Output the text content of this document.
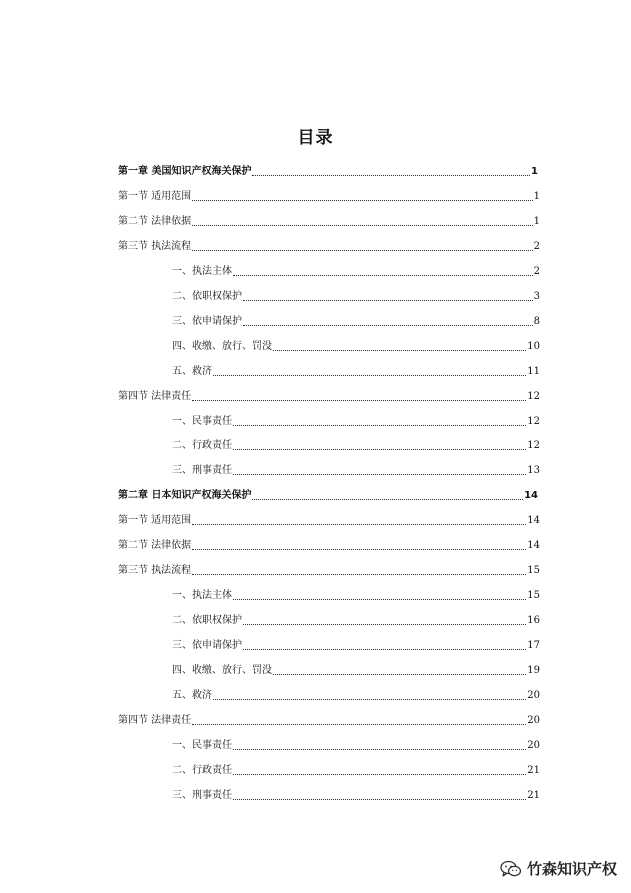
目录
第一章 美国知识产权海关保护	1
第一节 适用范围	1
第二节 法律依据	1
第三节 执法流程	2
一、执法主体	2
二、依职权保护	3
三、依申请保护	8
四、收缴、放行、罚没	10
五、救济	11
第四节 法律责任	12
一、民事责任	12
二、行政责任	12
三、刑事责任	13
第二章 日本知识产权海关保护	14
第一节 适用范围	14
第二节 法律依据	14
第三节 执法流程	15
一、执法主体	15
二、依职权保护	16
三、依申请保护	17
四、收缴、放行、罚没	19
五、救济	20
第四节 法律责任	20
一、民事责任	20
二、行政责任	21
三、刑事责任	21
竹森知识产权
